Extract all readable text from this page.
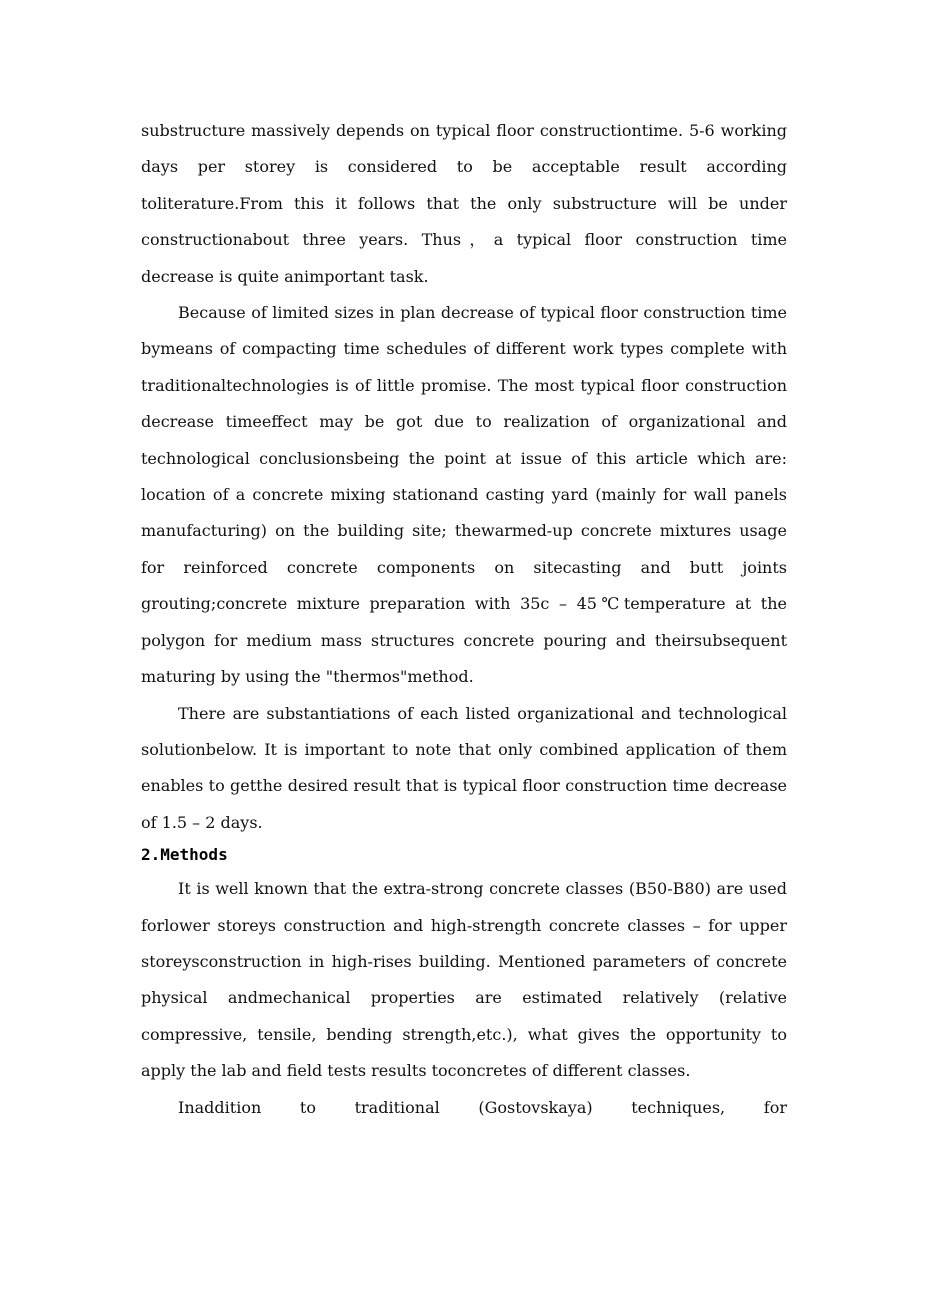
substructure massively depends on typical floor constructiontime. 5-6 working days per storey is considered to be acceptable result according toliterature.From this it follows that the only substructure will be under constructionabout three years. Thus，a typical floor construction time decrease is quite animportant task.

Because of limited sizes in plan decrease of typical floor construction time bymeans of compacting time schedules of different work types complete with traditionaltechnologies is of little promise. The most typical floor construction decrease timeeffect may be got due to realization of organizational and technological conclusionsbeing the point at issue of this article which are: location of a concrete mixing stationand casting yard (mainly for wall panels manufacturing) on the building site; thewarmed-up concrete mixtures usage for reinforced concrete components on sitecasting and butt joints grouting;concrete mixture preparation with 35c – 45℃temperature at the polygon for medium mass structures concrete pouring and theirsubsequent maturing by using the "thermos"method.

There are substantiations of each listed organizational and technological solutionbelow. It is important to note that only combined application of them enables to getthe desired result that is typical floor construction time decrease of 1.5 – 2 days.

2.Methods

It is well known that the extra-strong concrete classes (B50-B80) are used forlower storeys construction and high-strength concrete classes – for upper storeysconstruction in high-rises building. Mentioned parameters of concrete physical andmechanical properties are estimated relatively (relative compressive, tensile, bending strength,etc.), what gives the opportunity to apply the lab and field tests results toconcretes of different classes.

Inaddition to traditional (Gostovskaya) techniques, for
